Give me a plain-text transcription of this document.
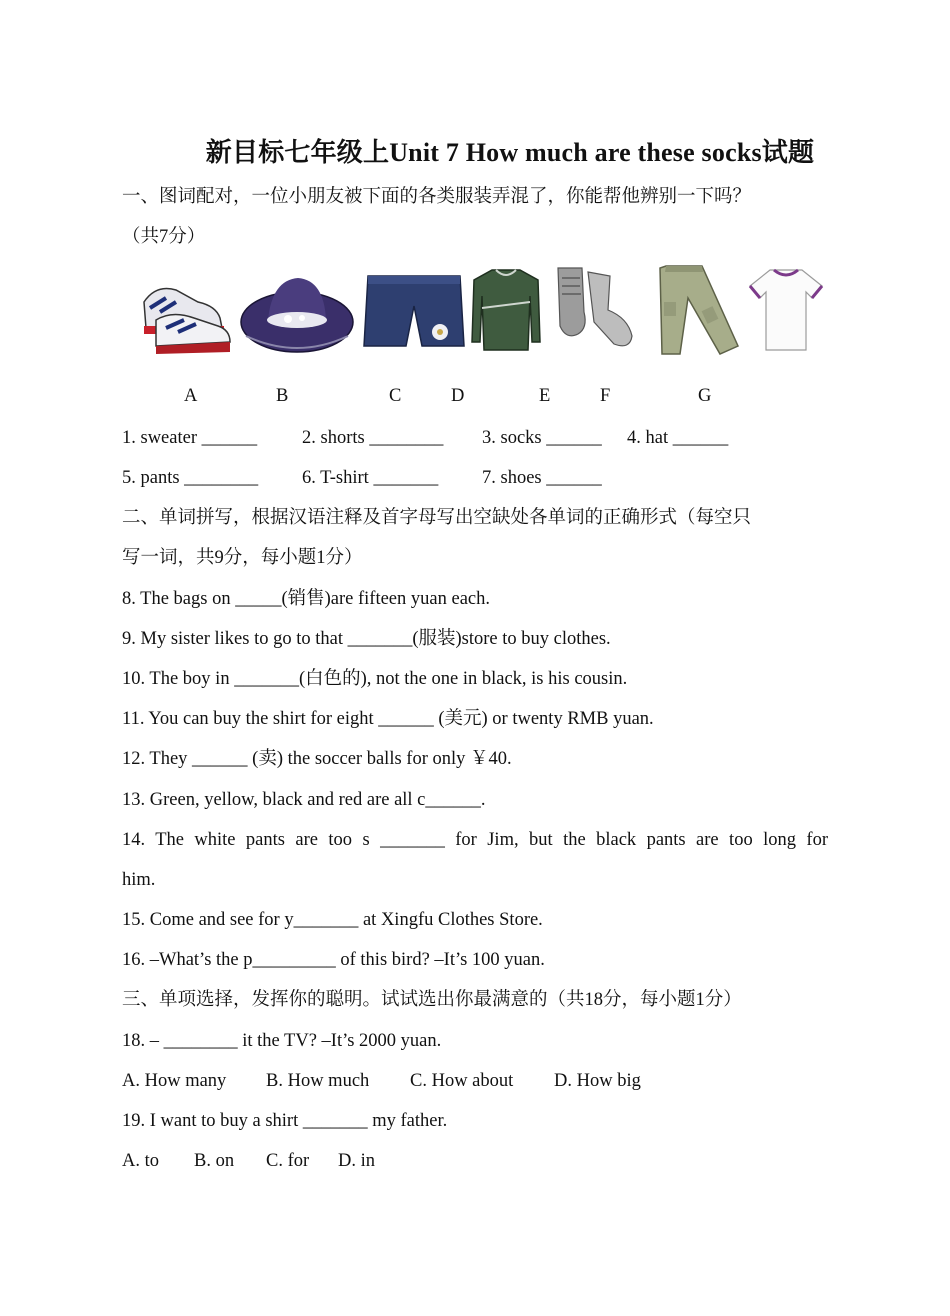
新目标七年级上Unit 7 How much are these socks试题
一、图词配对，一位小朋友被下面的各类服装弄混了，你能帮他辨别一下吗？
（共7分）
A	B	C	D	E	F	G
1. sweater ______ 2. shorts ________ 3. socks ______ 4. hat ______
5. pants ________ 6. T-shirt _______ 7. shoes ______
二、单词拼写，根据汉语注释及首字母写出空缺处各单词的正确形式（每空只
写一词，共9分，每小题1分）
8. The bags on _____(销售)are fifteen yuan each.
9. My sister likes to go to that _______(服装)store to buy clothes.
10. The boy in _______(白色的), not the one in black, is his cousin.
11. You can buy the shirt for eight ______ (美元) or twenty RMB yuan.
12. They ______ (卖) the soccer balls for only ￥40.
13. Green, yellow, black and red are all c______.
14. The white pants are too s _______ for Jim, but the black pants are too long for
him.
15. Come and see for y_______ at Xingfu Clothes Store.
16. –What’s the p_________ of this bird? –It’s 100 yuan.
三、单项选择，发挥你的聪明。试试选出你最满意的（共18分，每小题1分）
18. – ________ it the TV? –It’s 2000 yuan.
A. How many B. How much C. How about D. How big
19. I want to buy a shirt _______ my father.
A. to B. on C. for D. in
